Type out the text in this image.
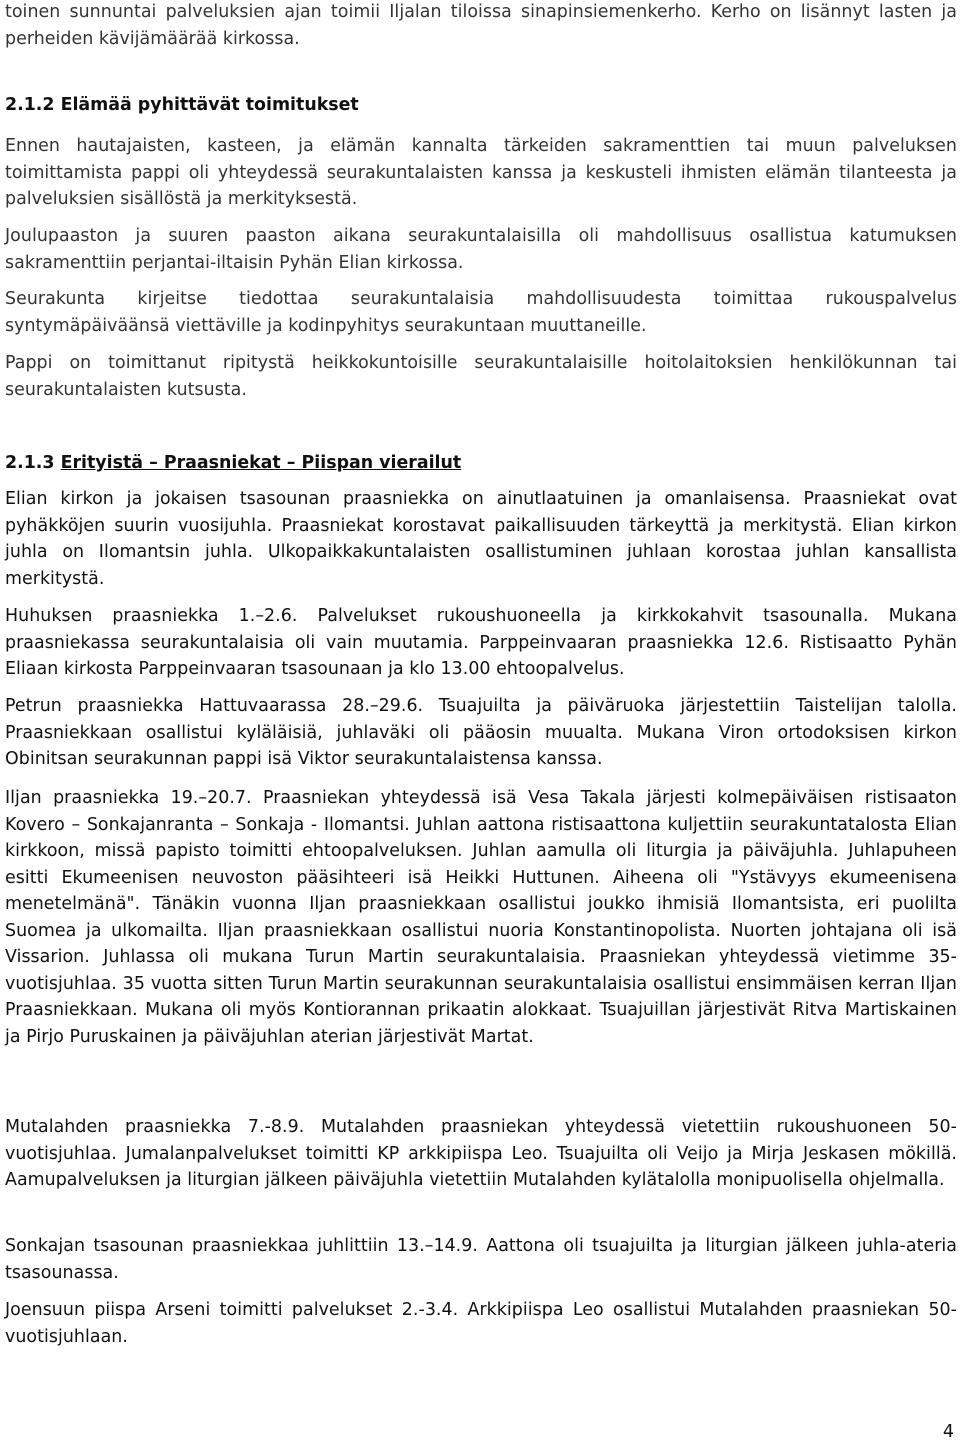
toinen sunnuntai palveluksien ajan toimii Iljalan tiloissa sinapinsiemenkerho. Kerho on lisännyt lasten ja perheiden kävijämäärää kirkossa.

2.1.2 Elämää pyhittävät toimitukset

Ennen hautajaisten, kasteen, ja elämän kannalta tärkeiden sakramenttien tai muun palveluksen toimittamista pappi oli yhteydessä seurakuntalaisten kanssa ja keskusteli ihmisten elämän tilanteesta ja palveluksien sisällöstä ja merkityksestä.

Joulupaaston ja suuren paaston aikana seurakuntalaisilla oli mahdollisuus osallistua katumuksen sakramenttiin perjantai-iltaisin Pyhän Elian kirkossa.

Seurakunta kirjeitse tiedottaa seurakuntalaisia mahdollisuudesta toimittaa rukouspalvelus syntymäpäiväänsä viettäville ja kodinpyhitys seurakuntaan muuttaneille.

Pappi on toimittanut ripitystä heikkokuntoisille seurakuntalaisille hoitolaitoksien henkilökunnan tai seurakuntalaisten kutsusta.

2.1.3 Erityistä – Praasniekat – Piispan vierailut

Elian kirkon ja jokaisen tsasounan praasniekka on ainutlaatuinen ja omanlaisensa. Praasniekat ovat pyhäkköjen suurin vuosijuhla. Praasniekat korostavat paikallisuuden tärkeyttä ja merkitystä. Elian kirkon juhla on Ilomantsin juhla. Ulkopaikkakuntalaisten osallistuminen juhlaan korostaa juhlan kansallista merkitystä.

Huhuksen praasniekka 1.–2.6. Palvelukset rukoushuoneella ja kirkkokahvit tsasounalla. Mukana praasniekassa seurakuntalaisia oli vain muutamia. Parppeinvaaran praasniekka 12.6. Ristisaatto Pyhän Eliaan kirkosta Parppeinvaaran tsasounaan ja klo 13.00 ehtoopalvelus.

Petrun praasniekka Hattuvaarassa 28.–29.6. Tsuajuilta ja päiväruoka järjestettiin Taistelijan talolla. Praasniekkaan osallistui kyläläisiä, juhlaväki oli pääosin muualta. Mukana Viron ortodoksisen kirkon Obinitsan seurakunnan pappi isä Viktor seurakuntalaistensa kanssa.

Iljan praasniekka 19.–20.7. Praasniekan yhteydessä isä Vesa Takala järjesti kolmepäiväisen ristisaaton Kovero – Sonkajanranta – Sonkaja - Ilomantsi. Juhlan aattona ristisaattona kuljettiin seurakuntatalosta Elian kirkkoon, missä papisto toimitti ehtoopalveluksen. Juhlan aamulla oli liturgia ja päiväjuhla. Juhlapuheen esitti Ekumeenisen neuvoston pääsihteeri isä Heikki Huttunen. Aiheena oli "Ystävyys ekumeenisena menetelmänä". Tänäkin vuonna Iljan praasniekkaan osallistui joukko ihmisiä Ilomantsista, eri puolilta Suomea ja ulkomailta. Iljan praasniekkaan osallistui nuoria Konstantinopolista. Nuorten johtajana oli isä Vissarion. Juhlassa oli mukana Turun Martin seurakuntalaisia. Praasniekan yhteydessä vietimme 35-vuotisjuhlaa. 35 vuotta sitten Turun Martin seurakunnan seurakuntalaisia osallistui ensimmäisen kerran Iljan Praasniekkaan. Mukana oli myös Kontiorannan prikaatin alokkaat. Tsuajuillan järjestivät Ritva Martiskainen ja Pirjo Puruskainen ja päiväjuhlan aterian järjestivät Martat.

Mutalahden praasniekka 7.-8.9. Mutalahden praasniekan yhteydessä vietettiin rukoushuoneen 50-vuotisjuhlaa. Jumalanpalvelukset toimitti KP arkkipiispa Leo. Tsuajuilta oli Veijo ja Mirja Jeskasen mökillä. Aamupalveluksen ja liturgian jälkeen päiväjuhla vietettiin Mutalahden kylätalolla monipuolisella ohjelmalla.

Sonkajan tsasounan praasniekkaa juhlittiin 13.–14.9. Aattona oli tsuajuilta ja liturgian jälkeen juhla-ateria tsasounassa.

Joensuun piispa Arseni toimitti palvelukset 2.-3.4. Arkkipiispa Leo osallistui Mutalahden praasniekan 50-vuotisjuhlaan.

4
